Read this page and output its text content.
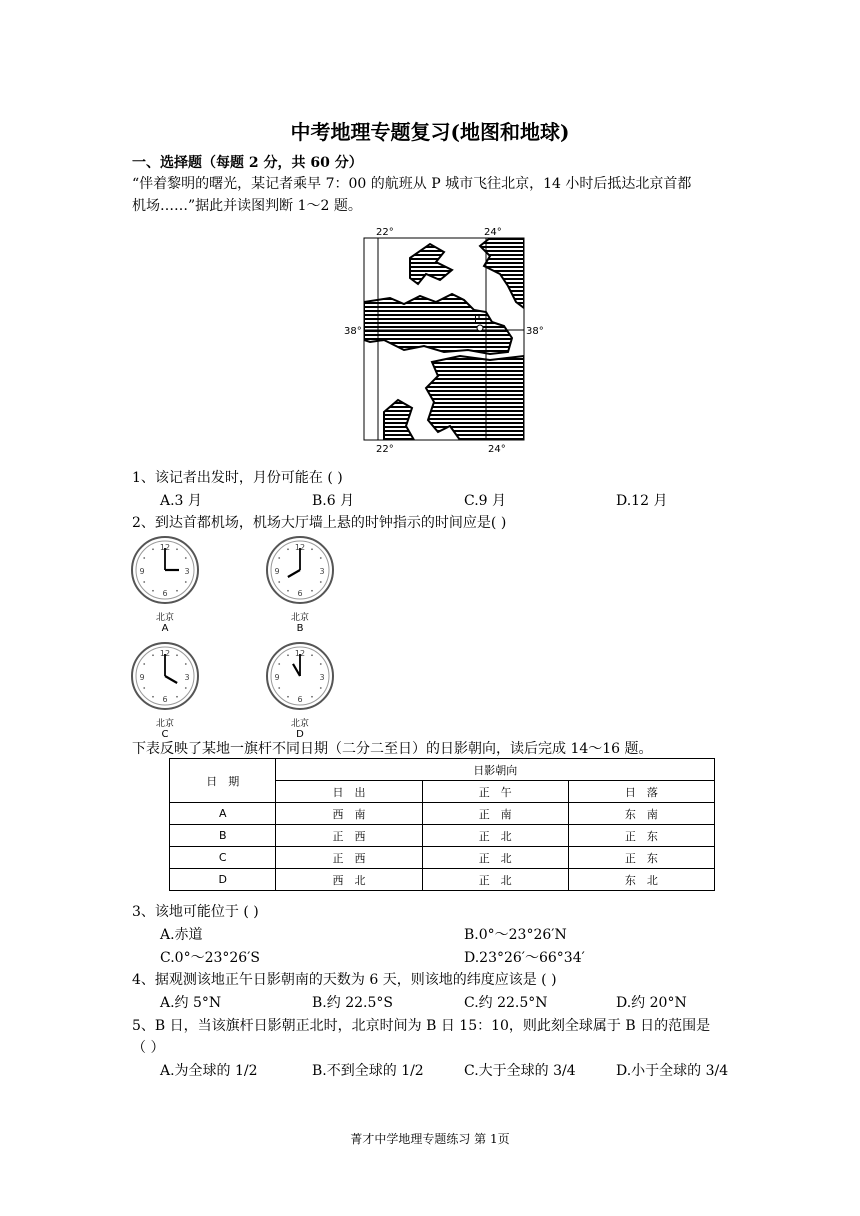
中考地理专题复习(地图和地球)
一、选择题（每题 2 分，共 60 分）
“伴着黎明的曙光，某记者乘早 7：00 的航班从 P 城市飞往北京，14 小时后抵达北京首都
机场……”据此并读图判断 1～2 题。
P
22°	24°
22°	24°
38°	38°
1、该记者出发时，月份可能在 ( )
A.3 月	B.6 月	C.9 月	D.12 月
2、到达首都机场，机场大厅墙上悬的时钟指示的时间应是( )
12
3
6
9
北京
A
12
3
6
9
北京
B
12
3
6
9
北京
C
12
3
6
9
北京
D
下表反映了某地一旗杆不同日期（二分二至日）的日影朝向，读后完成 14～16 题。
日　期	日影朝向		
	日　出	正　午	日　落
A	西　南	正　南	东　南
B	正　西	正　北	正　东
C	正　西	正　北	正　东
D	西　北	正　北	东　北
3、该地可能位于 ( )
A.赤道	B.0°～23°26′N
C.0°～23°26′S	D.23°26′～66°34′
4、据观测该地正午日影朝南的天数为 6 天，则该地的纬度应该是 ( )
A.约 5°N	B.约 22.5°S	C.约 22.5°N	D.约 20°N
5、B 日，当该旗杆日影朝正北时，北京时间为 B 日 15：10，则此刻全球属于 B 日的范围是
（ ）
A.为全球的 1/2	B.不到全球的 1/2	C.大于全球的 3/4	D.小于全球的 3/4
菁才中学地理专题练习 第 1页
